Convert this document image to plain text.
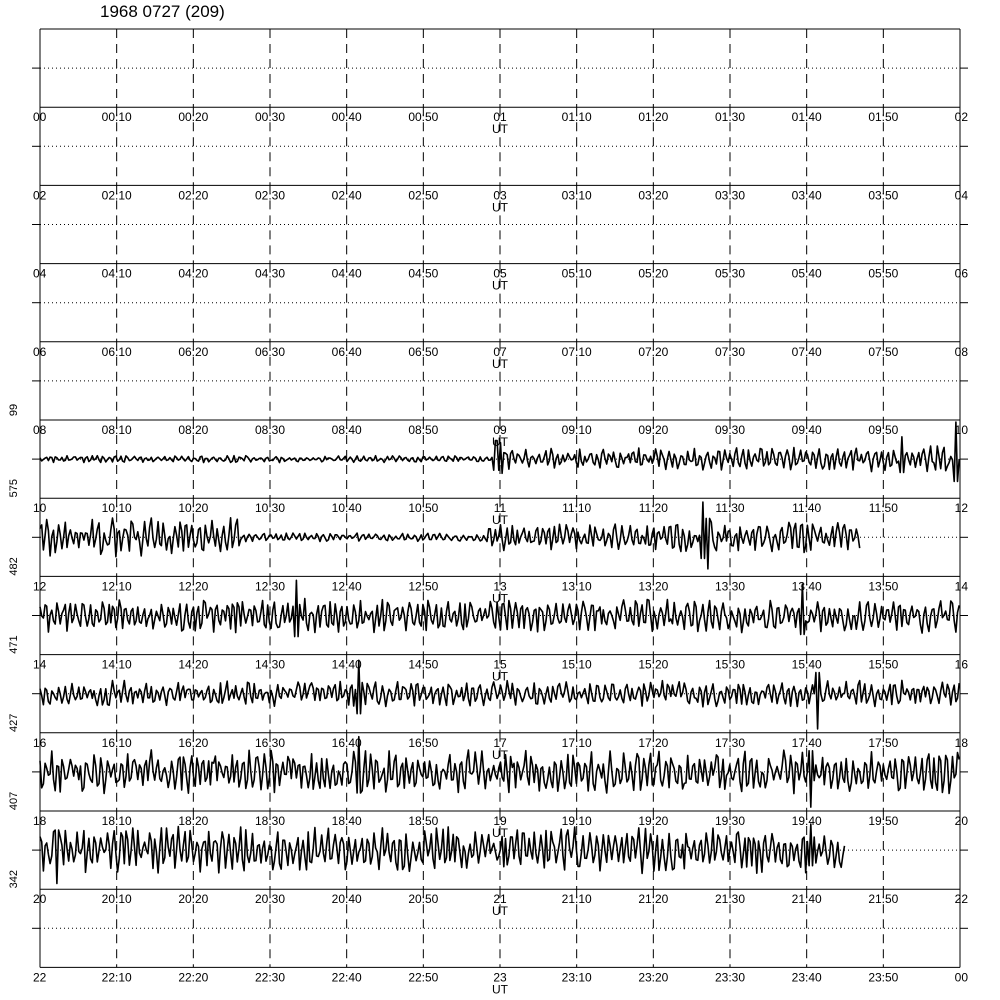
1968 0727 (209)
00	00:10	00:20	00:30	00:40	00:50	01	01:10	01:20	01:30	01:40	01:50	02
UT
02	02:10	02:20	02:30	02:40	02:50	03	03:10	03:20	03:30	03:40	03:50	04
UT
04	04:10	04:20	04:30	04:40	04:50	05	05:10	05:20	05:30	05:40	05:50	06
UT
06	06:10	06:20	06:30	06:40	06:50	07	07:10	07:20	07:30	07:40	07:50	08
UT
99
08	08:10	08:20	08:30	08:40	08:50	09	09:10	09:20	09:30	09:40	09:50	10
UT
575
10	10:10	10:20	10:30	10:40	10:50	11	11:10	11:20	11:30	11:40	11:50	12
UT
482
12	12:10	12:20	12:30	12:40	12:50	13	13:10	13:20	13:30	13:40	13:50	14
UT
471
14	14:10	14:20	14:30	14:40	14:50	15	15:10	15:20	15:30	15:40	15:50	16
UT
427
16	16:10	16:20	16:30	16:40	16:50	17	17:10	17:20	17:30	17:40	17:50	18
UT
407
18	18:10	18:20	18:30	18:40	18:50	19	19:10	19:20	19:30	19:40	19:50	20
UT
342
20	20:10	20:20	20:30	20:40	20:50	21	21:10	21:20	21:30	21:40	21:50	22
UT
22	22:10	22:20	22:30	22:40	22:50	23	23:10	23:20	23:30	23:40	23:50	00
UT
